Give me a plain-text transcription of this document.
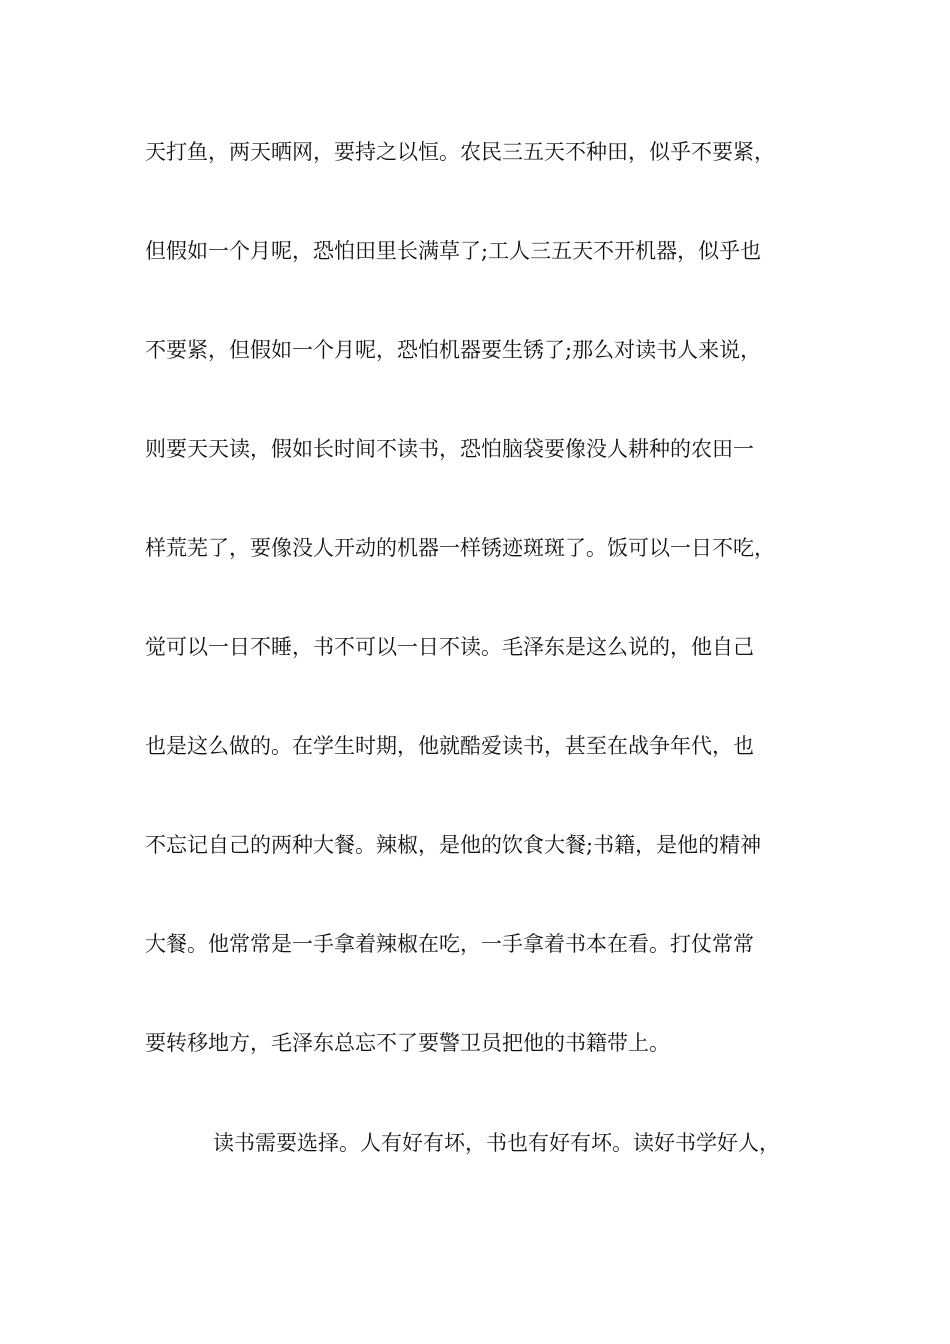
天打鱼，两天晒网，要持之以恒。农民三五天不种田，似乎不要紧，
但假如一个月呢，恐怕田里长满草了;工人三五天不开机器，似乎也
不要紧，但假如一个月呢，恐怕机器要生锈了;那么对读书人来说，
则要天天读，假如长时间不读书，恐怕脑袋要像没人耕种的农田一
样荒芜了，要像没人开动的机器一样锈迹斑斑了。饭可以一日不吃，
觉可以一日不睡，书不可以一日不读。毛泽东是这么说的，他自己
也是这么做的。在学生时期，他就酷爱读书，甚至在战争年代，也
不忘记自己的两种大餐。辣椒，是他的饮食大餐;书籍，是他的精神
大餐。他常常是一手拿着辣椒在吃，一手拿着书本在看。打仗常常
要转移地方，毛泽东总忘不了要警卫员把他的书籍带上。
读书需要选择。人有好有坏，书也有好有坏。读好书学好人，
